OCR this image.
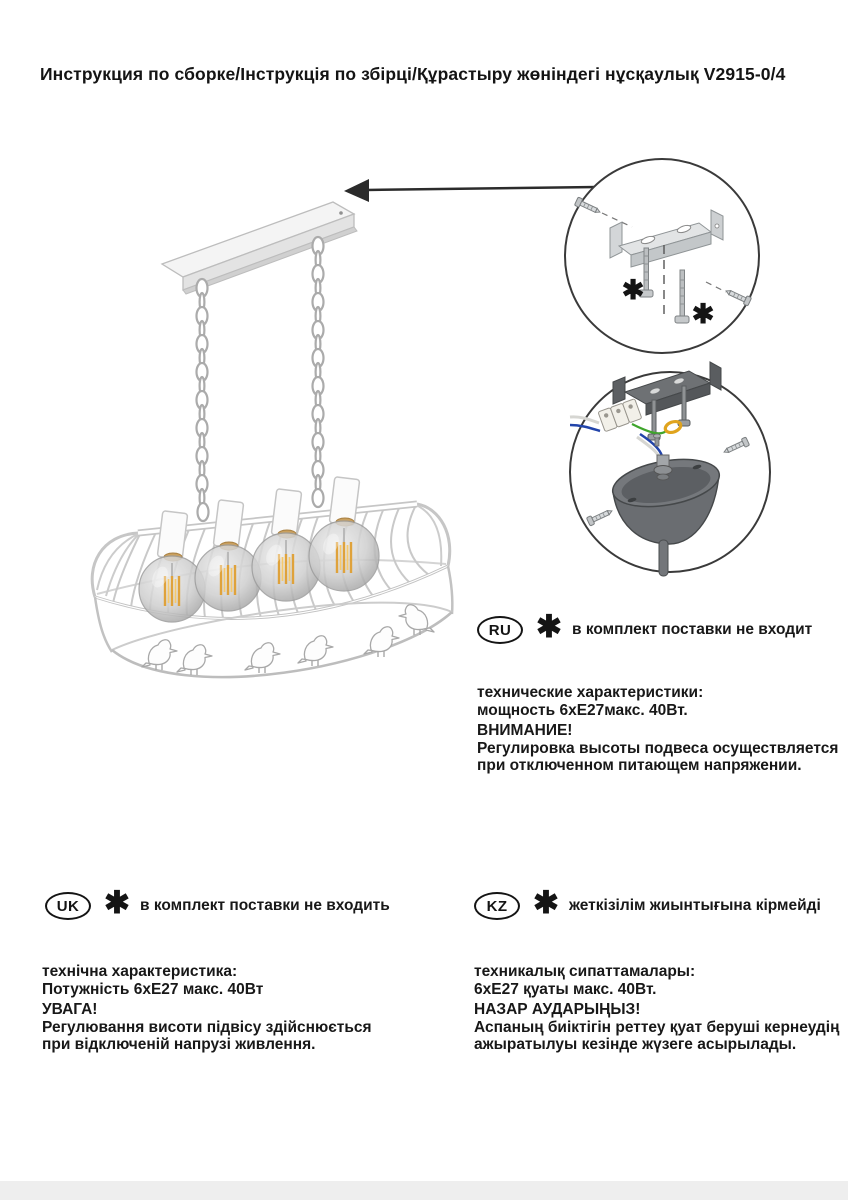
Инструкция по сборке/Інструкція по збірці/Құрастыру жөніндегі нұсқаулық V2915-0/4
✱
✱
RU ✱ в комплект поставки не входит
технические характеристики:
мощность 6хЕ27макс. 40Вт.
ВНИМАНИЕ!
Регулировка высоты подвеса осуществляется
при отключенном питающем напряжении.
UK ✱ в комплект поставки не входить
технічна характеристика:
Потужність 6хЕ27 макс. 40Вт
УВАГА!
Регулювання висоти підвісу здійснюється
при відключеній напрузі живлення.
KZ ✱ жеткізілім жиынтығына кірмейді
техникалық сипаттамалары:
6хЕ27 қуаты макс. 40Вт.
НАЗАР АУДАРЫҢЫЗ!
Аспаның биіктігін реттеу қуат беруші кернеудің
ажыратылуы кезінде жүзеге асырылады.
